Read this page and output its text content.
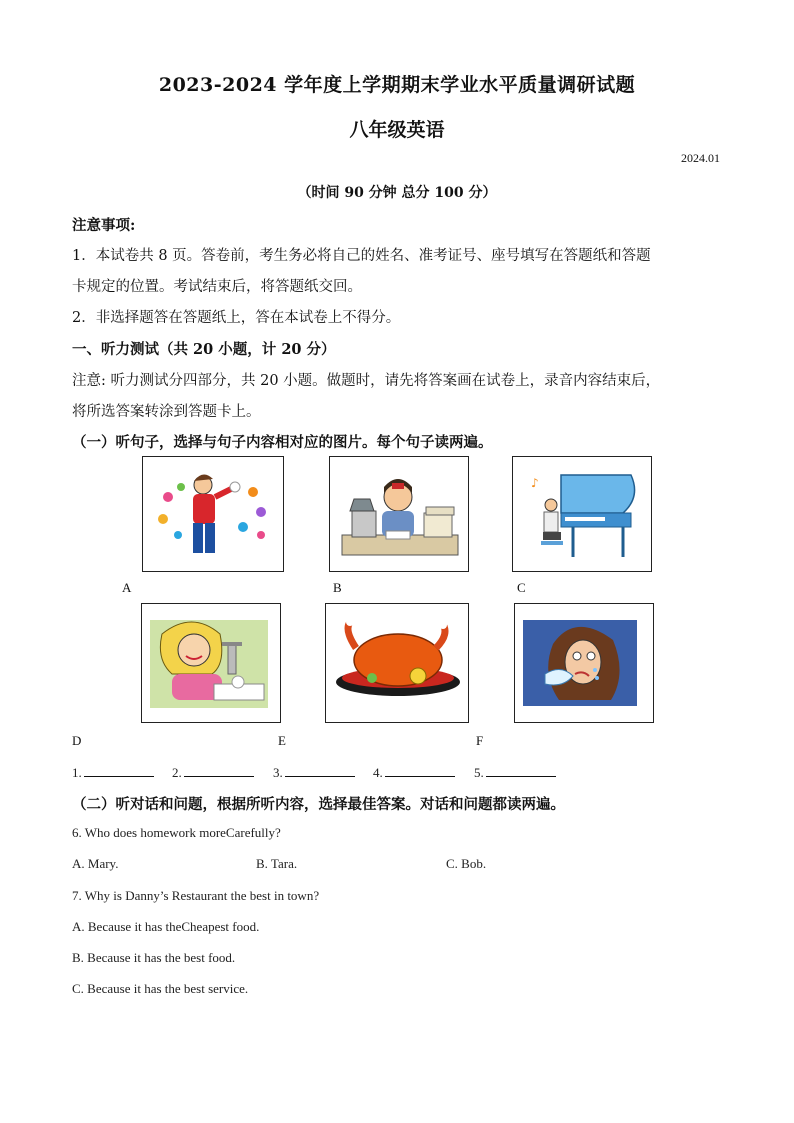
2023-2024 学年度上学期期末学业水平质量调研试题
八年级英语
2024.01
（时间 90 分钟 总分 100 分）
注意事项:
1．本试卷共 8 页。答卷前，考生务必将自己的姓名、准考证号、座号填写在答题纸和答题
卡规定的位置。考试结束后，将答题纸交回。
2．非选择题答在答题纸上，答在本试卷上不得分。
一、听力测试（共 20 小题，计 20 分）
注意: 听力测试分四部分，共 20 小题。做题时，请先将答案画在试卷上，录音内容结束后，
将所选答案转涂到答题卡上。
（一）听句子，选择与句子内容相对应的图片。每个句子读两遍。
♪
A	B	C
D	E	F
1.	2.	3.	4.	5.
（二）听对话和问题，根据所听内容，选择最佳答案。对话和问题都读两遍。
6. Who does homework moreCarefully?
A. Mary.	B. Tara.	C. Bob.
7. Why is Danny’s Restaurant the best in town?
A. Because it has theCheapest food.
B. Because it has the best food.
C. Because it has the best service.
